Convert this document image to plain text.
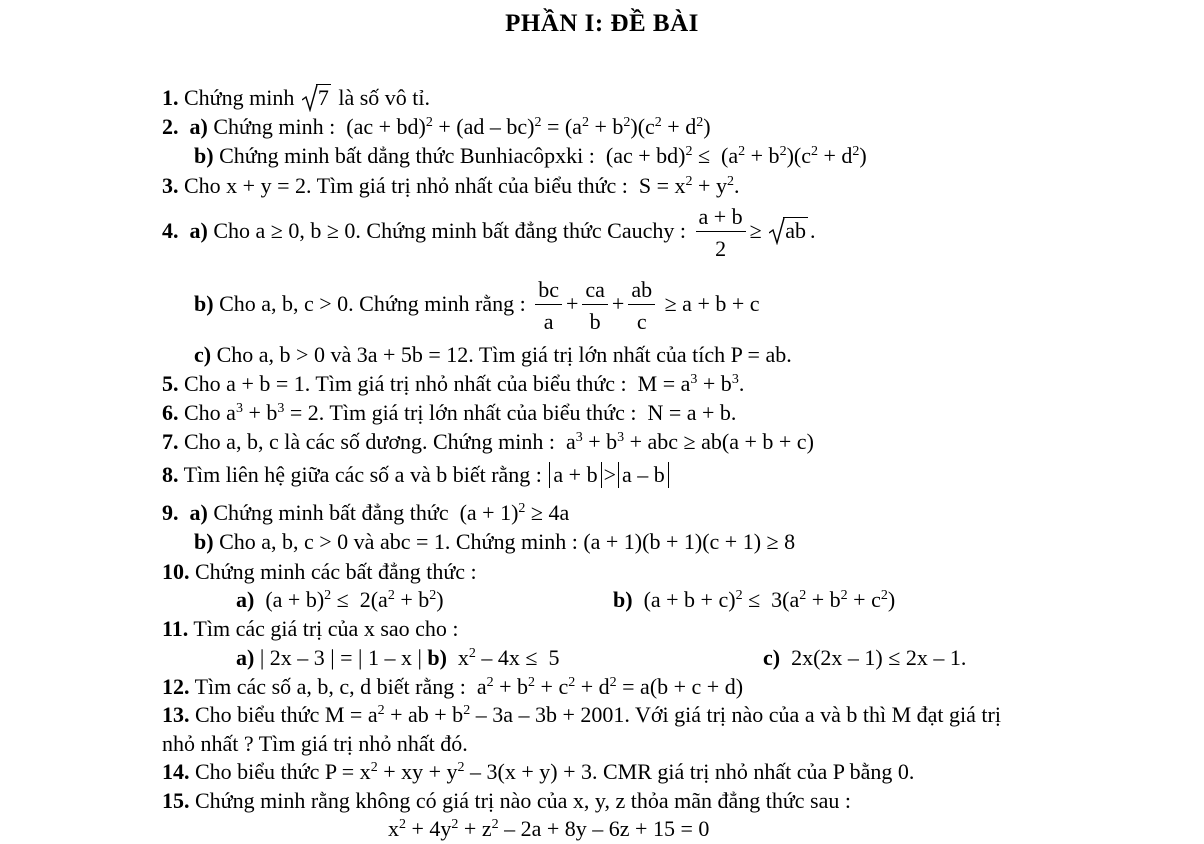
PHẦN I: ĐỀ BÀI
1. Chứng minh 7 là số vô tỉ.
2. a) Chứng minh :  $(ac + bd)^2 + (ad - bc)^2 = (a^2 + b^2)(c^2 + d^2)$
b) Chứng minh bất dẳng thức Bunhiacôpxki :  $(ac + bd)^2 \le (a^2 + b^2)(c^2 + d^2)$
3. Cho x + y = 2. Tìm giá trị nhỏ nhất của biểu thức :  $S = x^2 + y^2$.
4. a) Cho a ≥ 0, b ≥ 0. Chứng minh bất đẳng thức Cauchy : $\frac{a + b}{2}$ ≥
ab .
b) Cho a, b, c > 0. Chứng minh rằng : $\frac{bc}{a} + \frac{ca}{b} + \frac{ab}{c} \ge a + b + c$
c) Cho a, b > 0 và 3a + 5b = 12. Tìm giá trị lớn nhất của tích P = ab.
5. Cho a + b = 1. Tìm giá trị nhỏ nhất của biểu thức :  $M = a^3 + b^3$.
6. Cho $a^3 + b^3 = 2$. Tìm giá trị lớn nhất của biểu thức :  N = a + b.
7. Cho a, b, c là các số dương. Chứng minh :  $a^3 + b^3$ + abc ≥ ab(a + b + c)
8. Tìm liên hệ giữa các số a và b biết rằng : a + b > a – b
9. a) Chứng minh bất đẳng thức  $(a + 1)^2 \ge 4a$
b) Cho a, b, c > 0 và abc = 1. Chứng minh : (a + 1)(b + 1)(c + 1) ≥ 8
10. Chứng minh các bất đẳng thức :
a)  $(a + b)^2 \le 2(a^2 + b^2)$	b)  $(a + b + c)^2 \le 3(a^2 + b^2 + c^2)$
11. Tìm các giá trị của x sao cho :
a) | 2x – 3 | = | 1 – x | b)  $x^2 - 4x \le 5$	c) 2x(2x – 1) ≤ 2x – 1.
12. Tìm các số a, b, c, d biết rằng :  $a^2 + b^2 + c^2 + d^2 = a(b + c + d)$
13. Cho biểu thức $M = a^2$ + ab + $b^2 - 3a - 3b + 2001$. Với giá trị nào của a và b thì M đạt giá trị
nhỏ nhất ? Tìm giá trị nhỏ nhất đó.
14. Cho biểu thức $P = x^2$ + xy + $y^2 - 3(x + y) + 3$. CMR giá trị nhỏ nhất của P bằng 0.
15. Chứng minh rằng không có giá trị nào của x, y, z thỏa mãn đẳng thức sau :
$x^2 + 4y^2 + z^2 - 2a + 8y - 6z + 15 = 0$
